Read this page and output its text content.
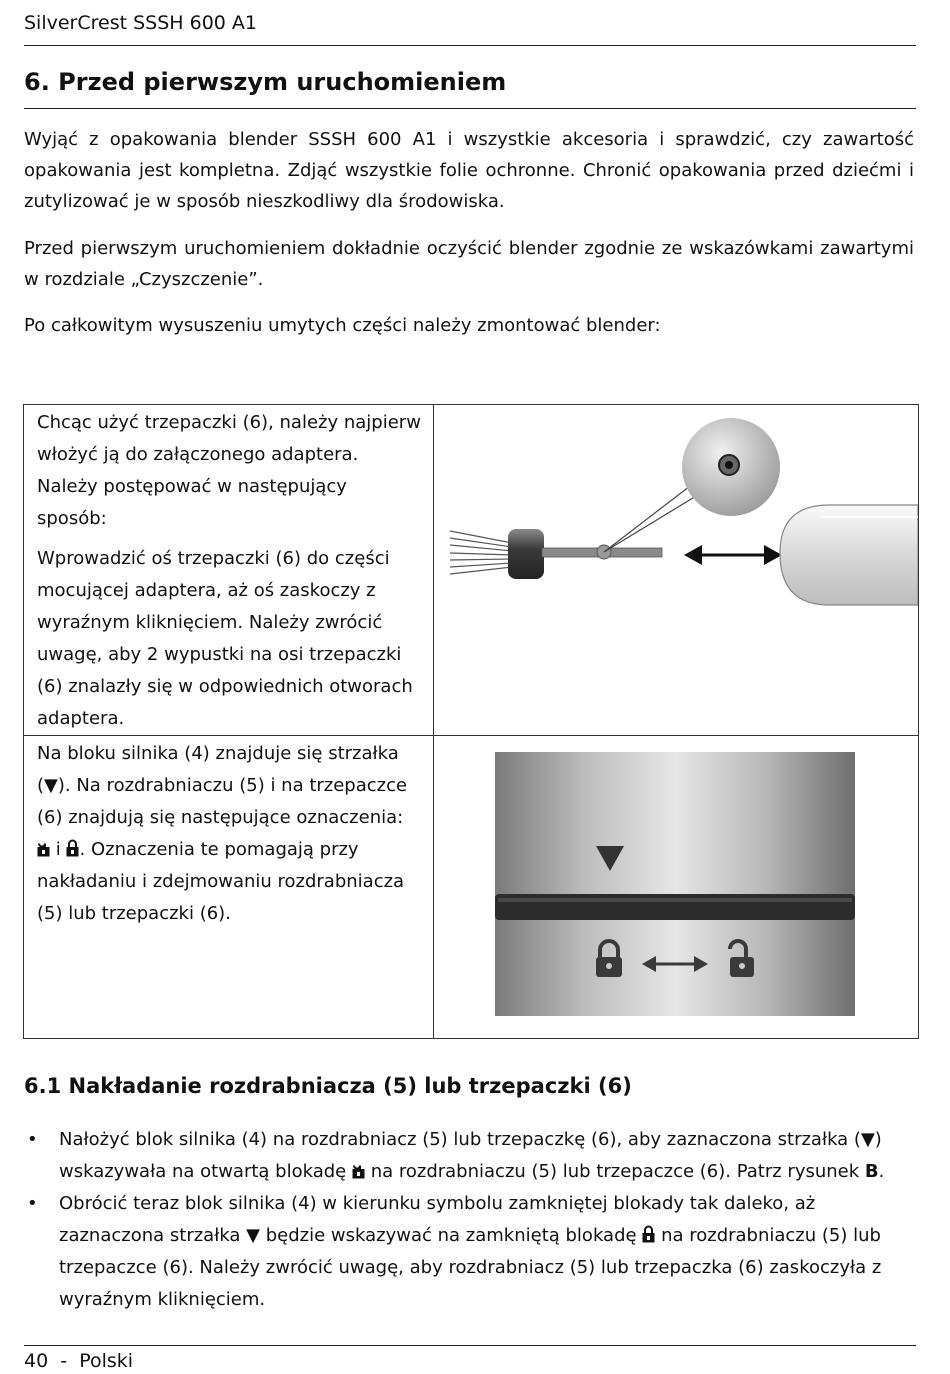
SilverCrest SSSH 600 A1
6. Przed pierwszym uruchomieniem

Wyjąć z opakowania blender SSSH 600 A1 i wszystkie akcesoria i sprawdzić, czy zawartość opakowania jest kompletna. Zdjąć wszystkie folie ochronne. Chronić opakowania przed dziećmi i zutylizować je w sposób nieszkodliwy dla środowiska.

Przed pierwszym uruchomieniem dokładnie oczyścić blender zgodnie ze wskazówkami zawartymi w rozdziale „Czyszczenie”.

Po całkowitym wysuszeniu umytych części należy zmontować blender:

Chcąc użyć trzepaczki (6), należy najpierw włożyć ją do załączonego adaptera. Należy postępować w następujący sposób:

Wprowadzić oś trzepaczki (6) do części mocującej adaptera, aż oś zaskoczy z wyraźnym kliknięciem. Należy zwrócić uwagę, aby 2 wypustki na osi trzepaczki (6) znalazły się w odpowiednich otworach adaptera.

Na bloku silnika (4) znajduje się strzałka (▼). Na rozdrabniaczu (5) i na trzepaczce (6) znajdują się następujące oznaczenia:  i . Oznaczenia te pomagają przy nakładaniu i zdejmowaniu rozdrabniacza (5) lub trzepaczki (6).

6.1 Nakładanie rozdrabniacza (5) lub trzepaczki (6)
• Nałożyć blok silnika (4) na rozdrabniacz (5) lub trzepaczkę (6), aby zaznaczona strzałka (▼) wskazywała na otwartą blokadę na rozdrabniaczu (5) lub trzepaczce (6). Patrz rysunek B.
• Obrócić teraz blok silnika (4) w kierunku symbolu zamkniętej blokady tak daleko, aż zaznaczona strzałka ▼ będzie wskazywać na zamkniętą blokadę na rozdrabniaczu (5) lub trzepaczce (6). Należy zwrócić uwagę, aby rozdrabniacz (5) lub trzepaczka (6) zaskoczyła z wyraźnym kliknięciem.
40  -  Polski
